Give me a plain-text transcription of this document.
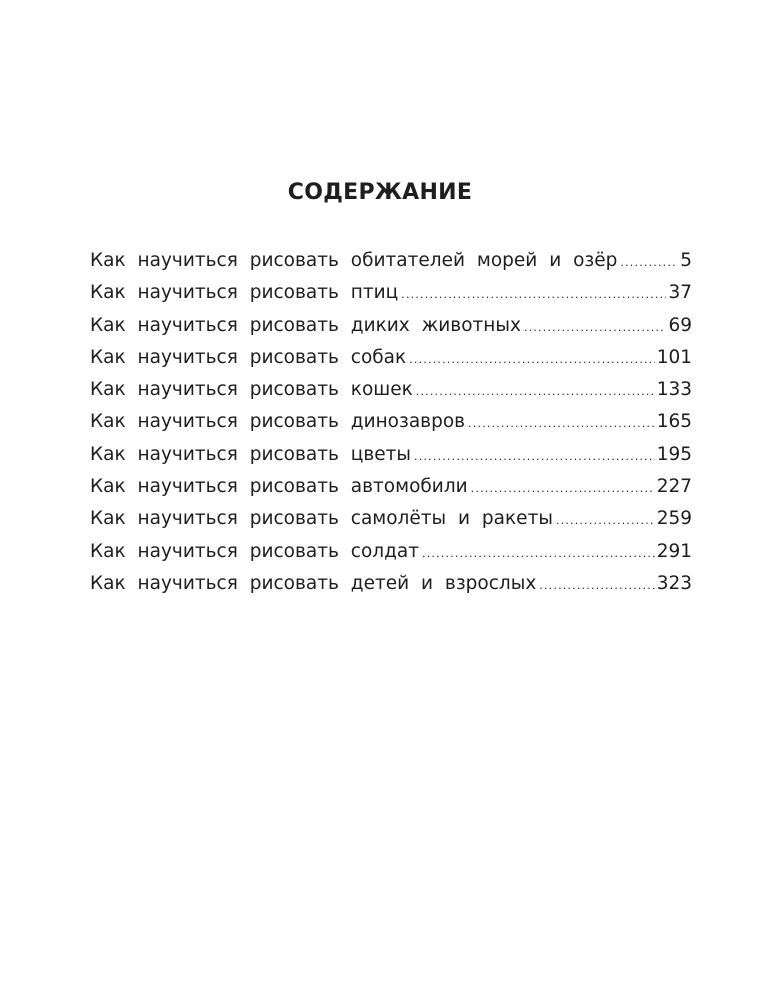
СОДЕРЖАНИЕ
Как научиться рисовать обитателей морей и озёр .....	5
Как научиться рисовать птиц .....	37
Как научиться рисовать диких животных .....	69
Как научиться рисовать собак .....	101
Как научиться рисовать кошек .....	133
Как научиться рисовать динозавров .....	165
Как научиться рисовать цветы .....	195
Как научиться рисовать автомобили .....	227
Как научиться рисовать самолёты и ракеты .....	259
Как научиться рисовать солдат .....	291
Как научиться рисовать детей и взрослых .....	323
